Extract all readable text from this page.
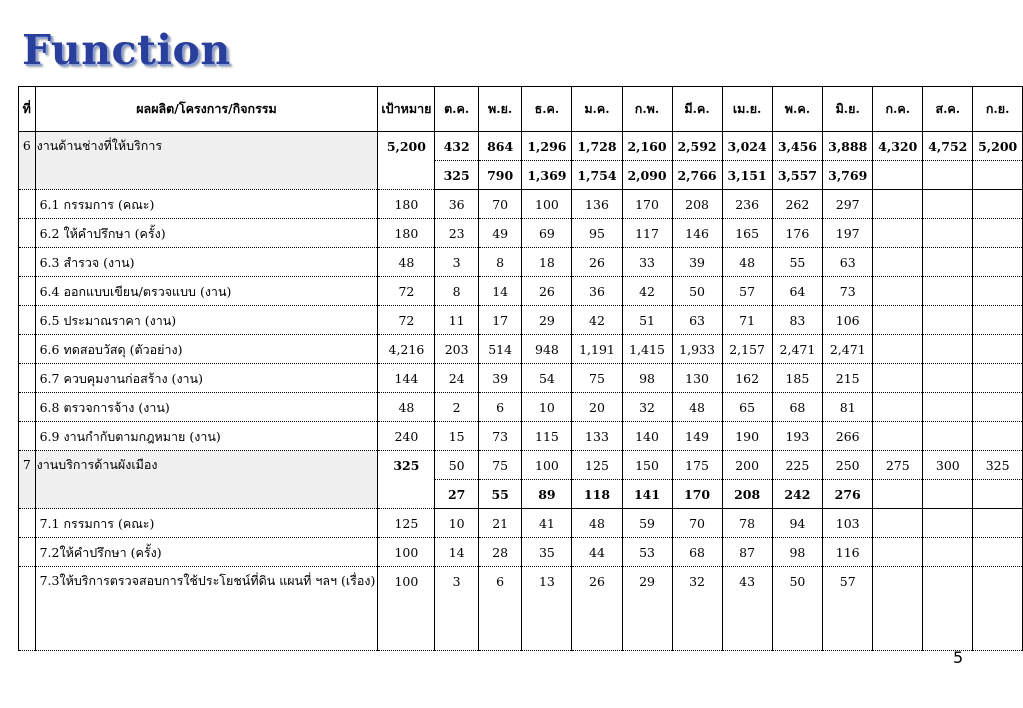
Function
ที่	ผลผลิต/โครงการ/กิจกรรม	เป้าหมาย	ต.ค.	พ.ย.	ธ.ค.	ม.ค.	ก.พ.	มี.ค.	เม.ย.	พ.ค.	มิ.ย.	ก.ค.	ส.ค.	ก.ย.
6	งานด้านช่างที่ให้บริการ	5,200	432	864	1,296	1,728	2,160	2,592	3,024	3,456	3,888	4,320	4,752	5,200
			325	790	1,369	1,754	2,090	2,766	3,151	3,557	3,769			
	6.1 กรรมการ (คณะ)	180	36	70	100	136	170	208	236	262	297			
	6.2 ให้คำปรึกษา (ครั้ง)	180	23	49	69	95	117	146	165	176	197			
	6.3 สำรวจ (งาน)	48	3	8	18	26	33	39	48	55	63			
	6.4 ออกแบบเขียน/ตรวจแบบ (งาน)	72	8	14	26	36	42	50	57	64	73			
	6.5 ประมาณราคา (งาน)	72	11	17	29	42	51	63	71	83	106			
	6.6 ทดสอบวัสดุ (ตัวอย่าง)	4,216	203	514	948	1,191	1,415	1,933	2,157	2,471	2,471			
	6.7 ควบคุมงานก่อสร้าง (งาน)	144	24	39	54	75	98	130	162	185	215			
	6.8 ตรวจการจ้าง (งาน)	48	2	6	10	20	32	48	65	68	81			
	6.9 งานกำกับตามกฎหมาย (งาน)	240	15	73	115	133	140	149	190	193	266			
7	งานบริการด้านผังเมือง	325	50	75	100	125	150	175	200	225	250	275	300	325
			27	55	89	118	141	170	208	242	276			
	7.1 กรรมการ (คณะ)	125	10	21	41	48	59	70	78	94	103			
	7.2ให้คำปรึกษา (ครั้ง)	100	14	28	35	44	53	68	87	98	116			
	7.3ให้บริการตรวจสอบการใช้ประโยชน์ที่ดิน แผนที่ ฯลฯ (เรื่อง)	100	3	6	13	26	29	32	43	50	57			
5
